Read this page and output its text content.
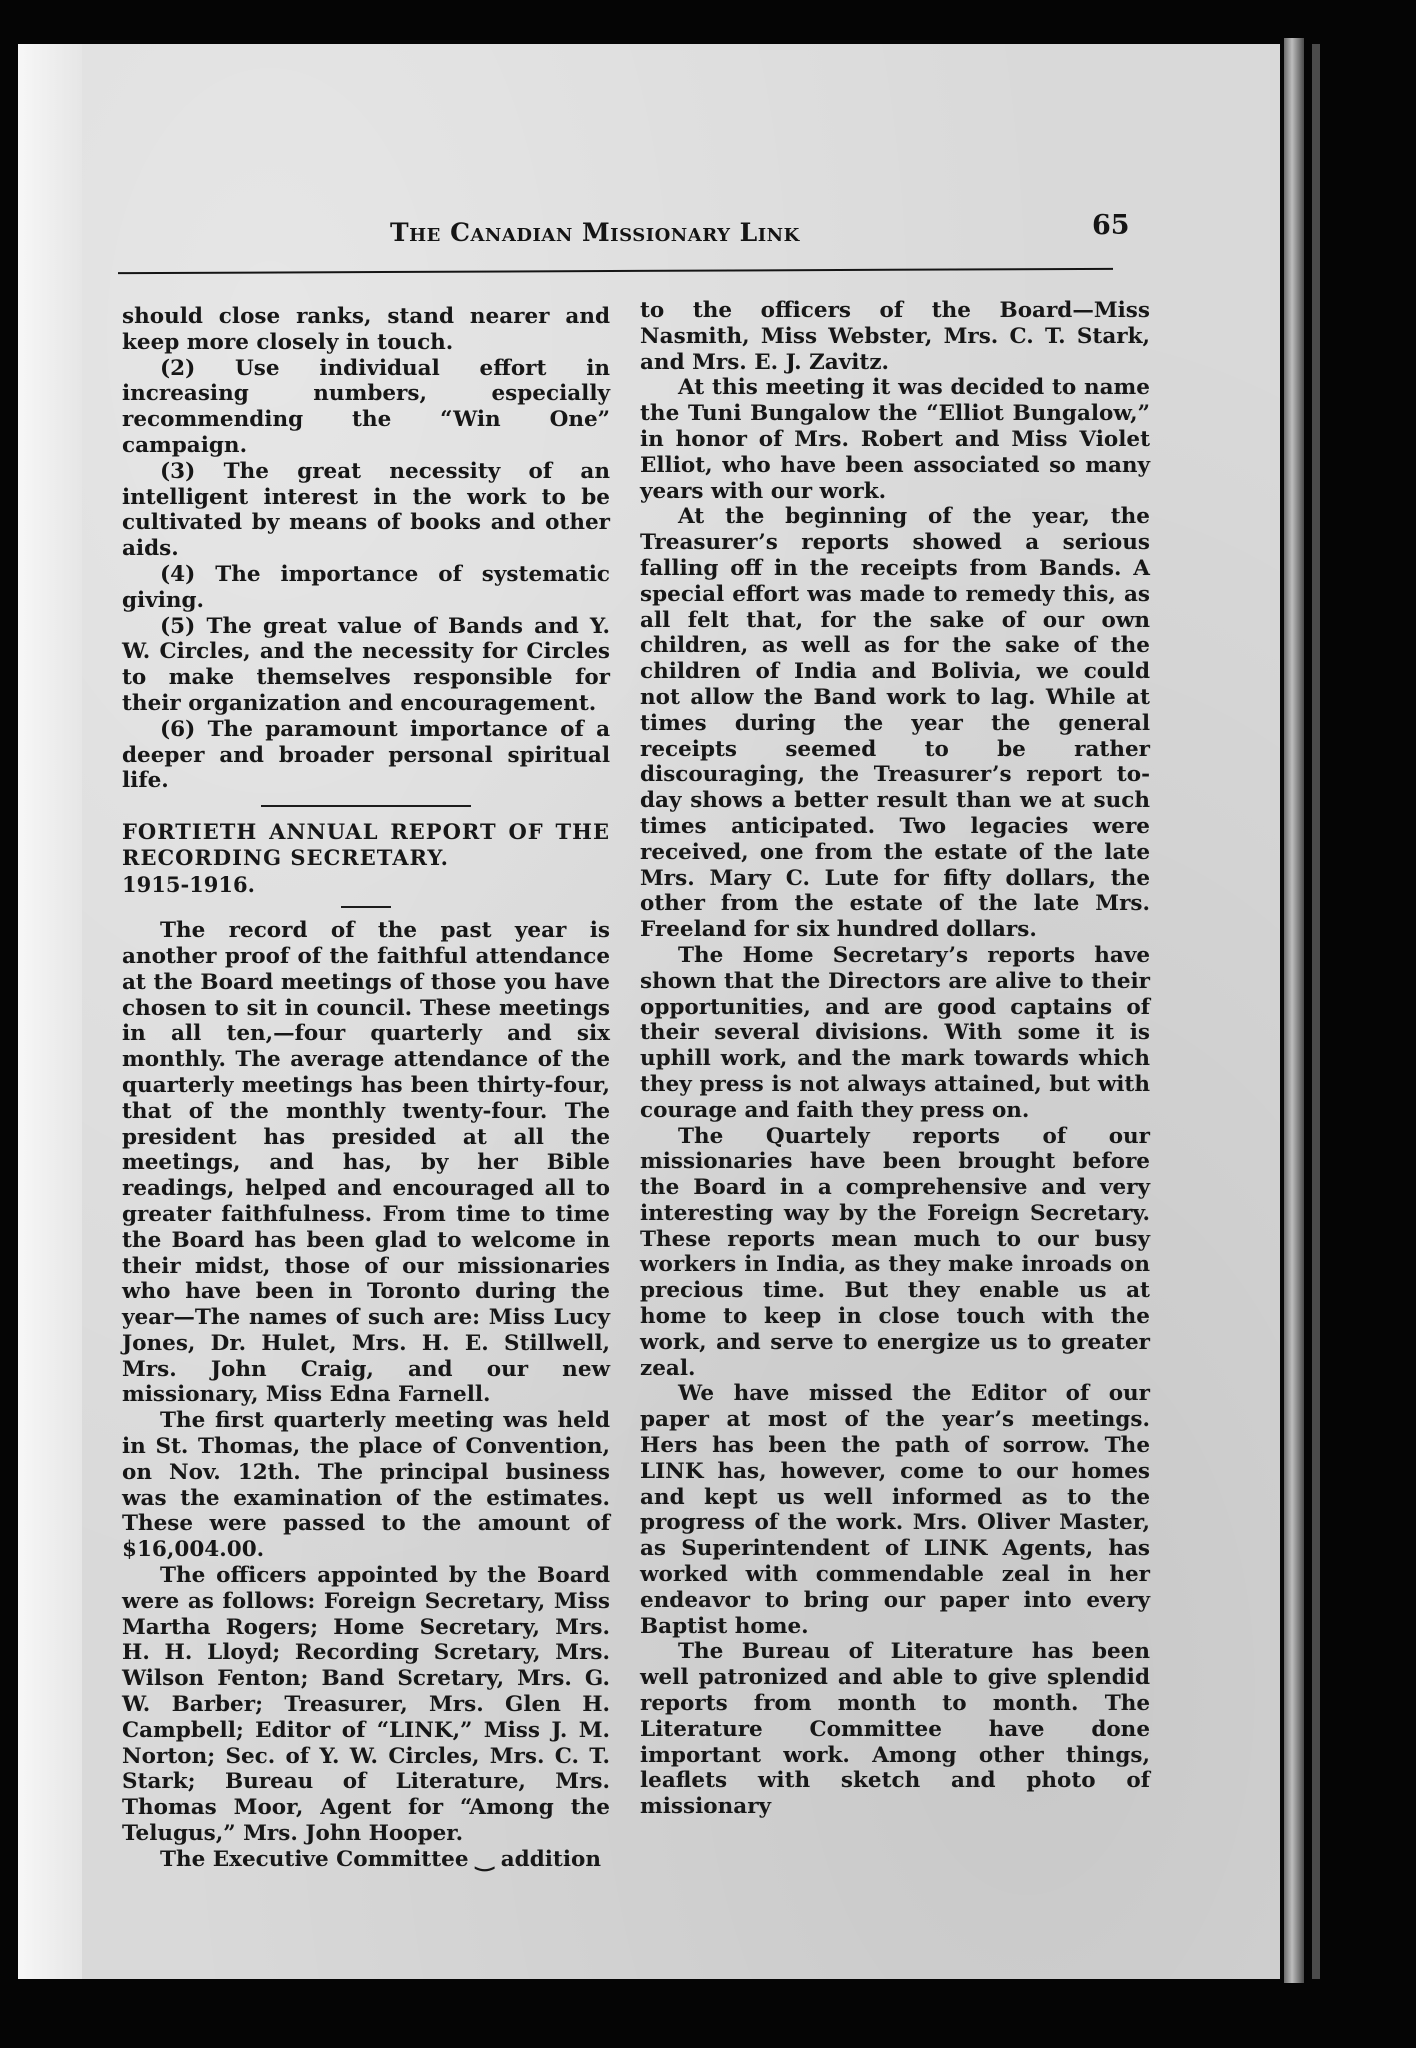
The Canadian Missionary Link	65

should close ranks, stand nearer and keep more closely in touch.

(2) Use individual effort in increasing numbers, especially recommending the “Win One” campaign.

(3) The great necessity of an intelligent interest in the work to be cultivated by means of books and other aids.

(4) The importance of systematic giving.

(5) The great value of Bands and Y. W. Circles, and the necessity for Circles to make themselves responsible for their organization and encouragement.

(6) The paramount importance of a deeper and broader personal spiritual life.

FORTIETH ANNUAL REPORT OF THE RECORDING SECRETARY.

1915-1916.

The record of the past year is another proof of the faithful attendance at the Board meetings of those you have chosen to sit in council. These meetings in all ten,—four quarterly and six monthly. The average attendance of the quarterly meetings has been thirty-four, that of the monthly twenty-four. The president has presided at all the meetings, and has, by her Bible readings, helped and encouraged all to greater faithfulness. From time to time the Board has been glad to welcome in their midst, those of our missionaries who have been in Toronto during the year—The names of such are: Miss Lucy Jones, Dr. Hulet, Mrs. H. E. Stillwell, Mrs. John Craig, and our new missionary, Miss Edna Farnell.

The first quarterly meeting was held in St. Thomas, the place of Convention, on Nov. 12th. The principal business was the examination of the estimates. These were passed to the amount of $16,004.00.

The officers appointed by the Board were as follows: Foreign Secretary, Miss Martha Rogers; Home Secretary, Mrs. H. H. Lloyd; Recording Scretary, Mrs. Wilson Fenton; Band Scretary, Mrs. G. W. Barber; Treasurer, Mrs. Glen H. Campbell; Editor of “LINK,” Miss J. M. Norton; Sec. of Y. W. Circles, Mrs. C. T. Stark; Bureau of Literature, Mrs. Thomas Moor, Agent for “Among the Telugus,” Mrs. John Hooper.

The Executive Committee ‿ addition

to the officers of the Board—Miss Nasmith, Miss Webster, Mrs. C. T. Stark, and Mrs. E. J. Zavitz.

At this meeting it was decided to name the Tuni Bungalow the “Elliot Bungalow,” in honor of Mrs. Robert and Miss Violet Elliot, who have been associated so many years with our work.

At the beginning of the year, the Treasurer’s reports showed a serious falling off in the receipts from Bands. A special effort was made to remedy this, as all felt that, for the sake of our own children, as well as for the sake of the children of India and Bolivia, we could not allow the Band work to lag. While at times during the year the general receipts seemed to be rather discouraging, the Treasurer’s report to-day shows a better result than we at such times anticipated. Two legacies were received, one from the estate of the late Mrs. Mary C. Lute for fifty dollars, the other from the estate of the late Mrs. Freeland for six hundred dollars.

The Home Secretary’s reports have shown that the Directors are alive to their opportunities, and are good captains of their several divisions. With some it is uphill work, and the mark towards which they press is not always attained, but with courage and faith they press on.

The Quartely reports of our missionaries have been brought before the Board in a comprehensive and very interesting way by the Foreign Secretary. These reports mean much to our busy workers in India, as they make inroads on precious time. But they enable us at home to keep in close touch with the work, and serve to energize us to greater zeal.

We have missed the Editor of our paper at most of the year’s meetings. Hers has been the path of sorrow. The LINK has, however, come to our homes and kept us well informed as to the progress of the work. Mrs. Oliver Master, as Superintendent of LINK Agents, has worked with commendable zeal in her endeavor to bring our paper into every Baptist home.

The Bureau of Literature has been well patronized and able to give splendid reports from month to month. The Literature Committee have done important work. Among other things, leaflets with sketch and photo of missionary
